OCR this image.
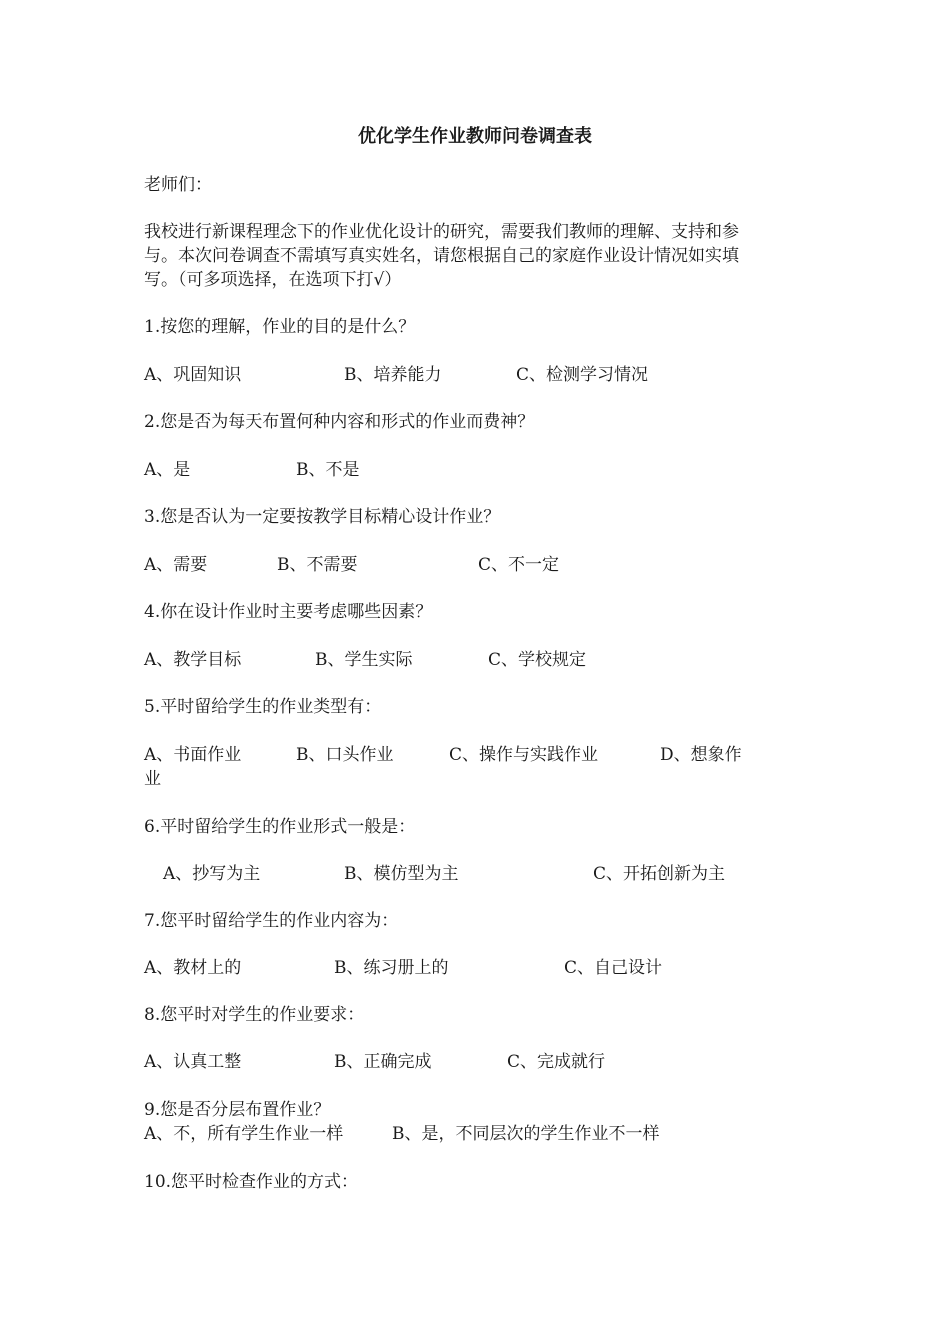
优化学生作业教师问卷调查表
老师们：
我校进行新课程理念下的作业优化设计的研究，需要我们教师的理解、支持和参
与。本次问卷调查不需填写真实姓名，请您根据自己的家庭作业设计情况如实填
写。（可多项选择，在选项下打√）
1.按您的理解，作业的目的是什么？
A、巩固知识	B、培养能力	C、检测学习情况
2.您是否为每天布置何种内容和形式的作业而费神？
A、是	B、不是
3.您是否认为一定要按教学目标精心设计作业？
A、需要	B、不需要	C、不一定
4.你在设计作业时主要考虑哪些因素？
A、教学目标	B、学生实际	C、学校规定
5.平时留给学生的作业类型有：
A、书面作业	B、口头作业	C、操作与实践作业	D、想象作
业
6.平时留给学生的作业形式一般是：
A、抄写为主	B、模仿型为主	C、开拓创新为主
7.您平时留给学生的作业内容为：
A、教材上的	B、练习册上的	C、自己设计
8.您平时对学生的作业要求：
A、认真工整	B、正确完成	C、完成就行
9.您是否分层布置作业？
A、不，所有学生作业一样	B、是，不同层次的学生作业不一样
10.您平时检查作业的方式：
